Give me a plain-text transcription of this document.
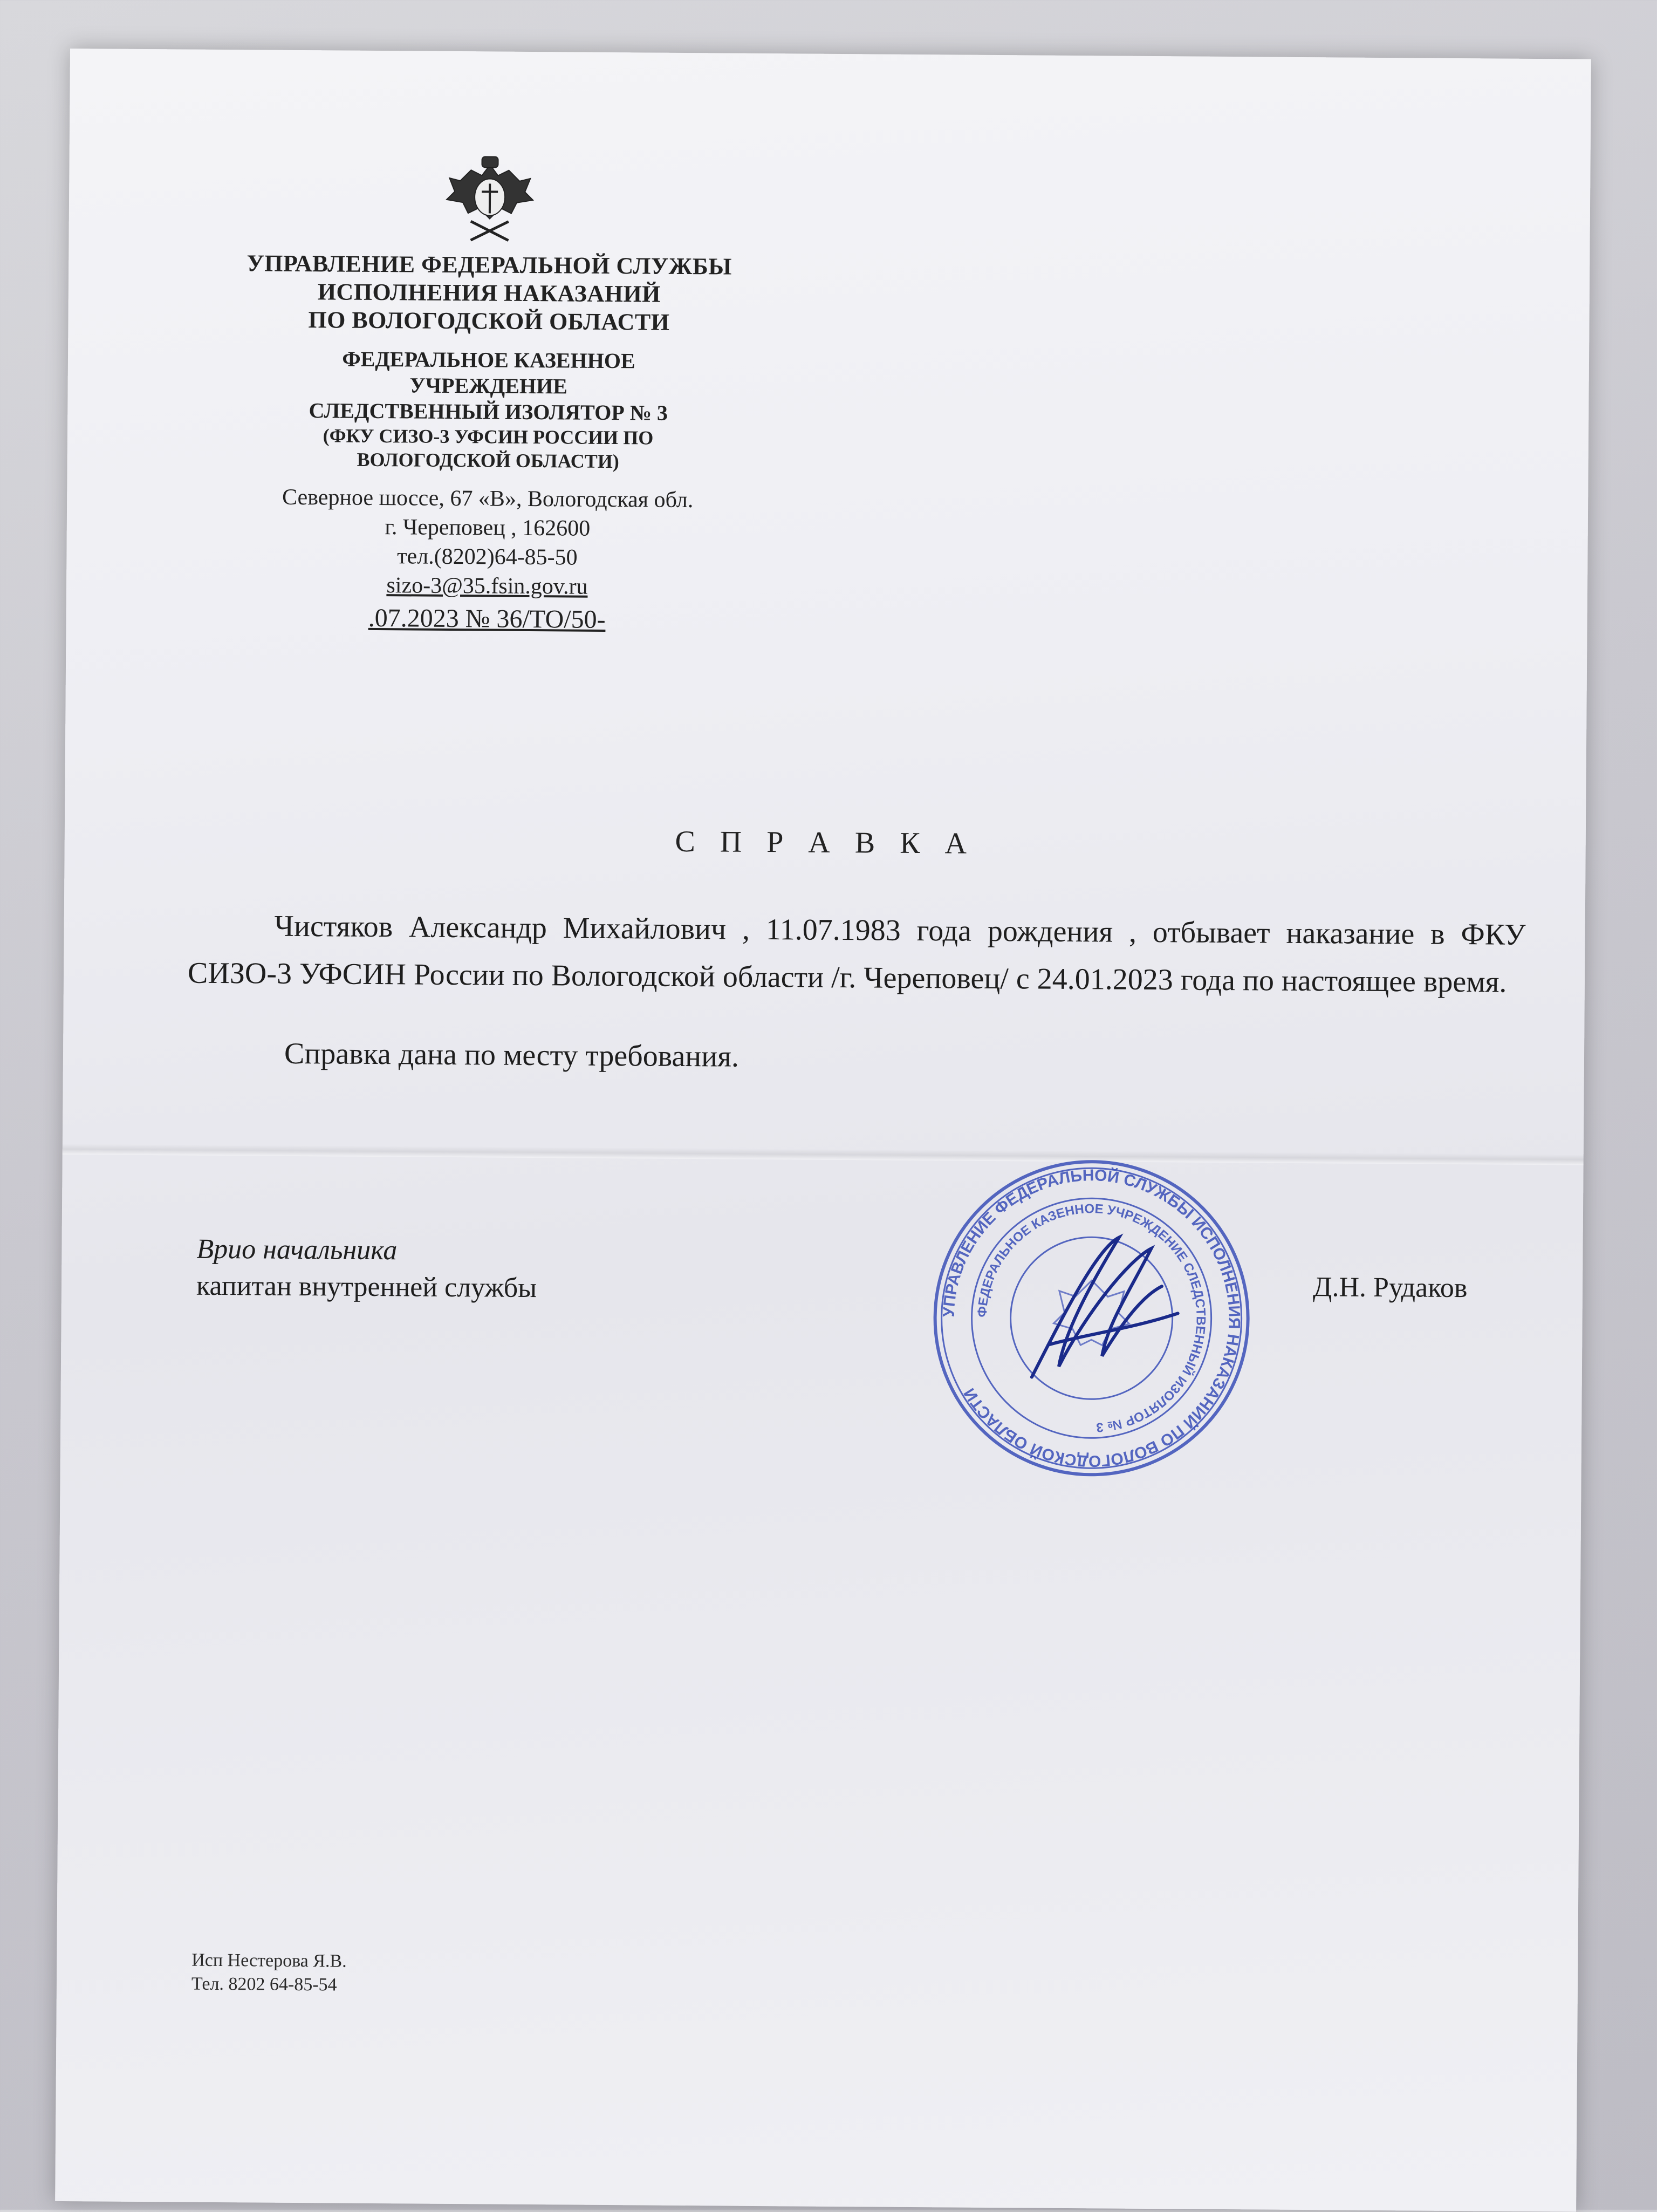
УПРАВЛЕНИЕ ФЕДЕРАЛЬНОЙ СЛУЖБЫ
ИСПОЛНЕНИЯ НАКАЗАНИЙ
ПО ВОЛОГОДСКОЙ ОБЛАСТИ
ФЕДЕРАЛЬНОЕ КАЗЕННОЕ
УЧРЕЖДЕНИЕ
СЛЕДСТВЕННЫЙ ИЗОЛЯТОР № 3
(ФКУ СИЗО-3 УФСИН РОССИИ ПО
ВОЛОГОДСКОЙ ОБЛАСТИ)
Северное шоссе, 67 «В», Вологодская обл.
г. Череповец , 162600
тел.(8202)64-85-50
sizo-3@35.fsin.gov.ru
.07.2023 № 36/ТО/50-
С П Р А В К А

Чистяков Александр Михайлович , 11.07.1983 года рождения , отбывает наказание в ФКУ СИЗО-3 УФСИН России по Вологодской области /г. Череповец/ с 24.01.2023 года по настоящее время.

Справка дана по месту требования.

Врио начальника
капитан внутренней службы
УПРАВЛЕНИЕ ФЕДЕРАЛЬНОЙ СЛУЖБЫ ИСПОЛНЕНИЯ НАКАЗАНИЙ ПО ВОЛОГОДСКОЙ ОБЛАСТИ
ФЕДЕРАЛЬНОЕ КАЗЕННОЕ УЧРЕЖДЕНИЕ СЛЕДСТВЕННЫЙ ИЗОЛЯТОР № 3
Д.Н. Рудаков
Исп Нестерова Я.В.
Тел. 8202 64-85-54
